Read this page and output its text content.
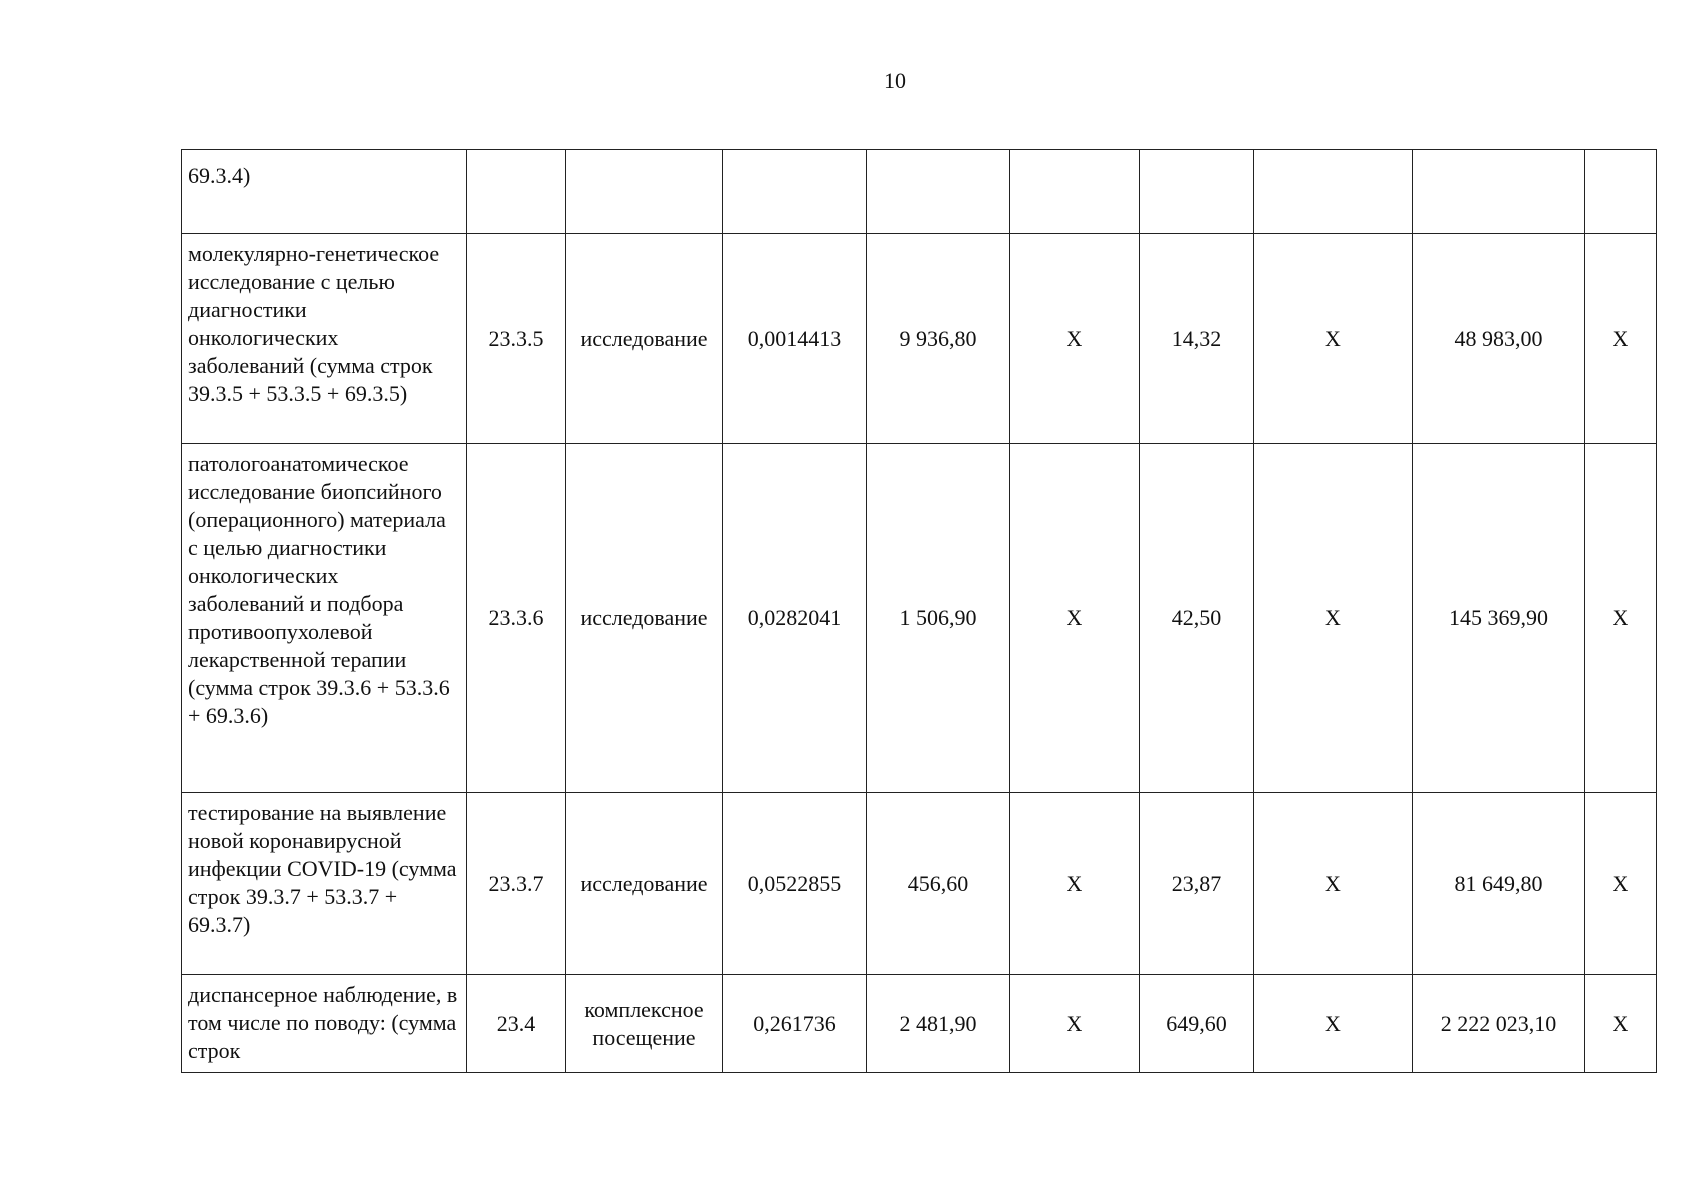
10
69.3.4)									
молекулярно-генетическое исследование с целью диагностики онкологических заболеваний (сумма строк 39.3.5 + 53.3.5 + 69.3.5)	23.3.5	исследование	0,0014413	9 936,80	X	14,32	X	48 983,00	X
патологоанатомическое исследование биопсийного (операционного) материала с целью диагностики онкологических заболеваний и подбора противоопухолевой лекарственной терапии (сумма строк 39.3.6 + 53.3.6 + 69.3.6)	23.3.6	исследование	0,0282041	1 506,90	X	42,50	X	145 369,90	X
тестирование на выявление новой коронавирусной инфекции COVID-19 (сумма строк 39.3.7 + 53.3.7 + 69.3.7)	23.3.7	исследование	0,0522855	456,60	X	23,87	X	81 649,80	X
диспансерное наблюдение, в том числе по поводу: (сумма строк	23.4	комплексное посещение	0,261736	2 481,90	X	649,60	X	2 222 023,10	X
